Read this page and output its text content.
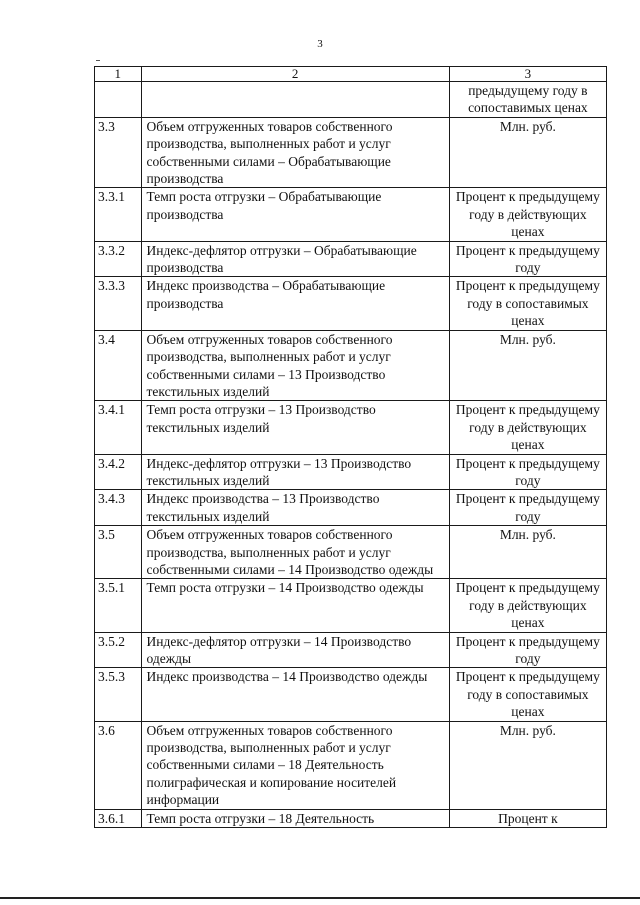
3
1	2	3
		предыдущему году в сопоставимых ценах
3.3	Объем отгруженных товаров собственного производства, выполненных работ и услуг собственными силами – Обрабатывающие производства	Млн. руб.
3.3.1	Темп роста отгрузки – Обрабатывающие производства	Процент к предыдущему году в действующих ценах
3.3.2	Индекс-дефлятор отгрузки – Обрабатывающие производства	Процент к предыдущему году
3.3.3	Индекс производства – Обрабатывающие производства	Процент к предыдущему году в сопоставимых ценах
3.4	Объем отгруженных товаров собственного производства, выполненных работ и услуг собственными силами – 13 Производство текстильных изделий	Млн. руб.
3.4.1	Темп роста отгрузки – 13 Производство текстильных изделий	Процент к предыдущему году в действующих ценах
3.4.2	Индекс-дефлятор отгрузки – 13 Производство текстильных изделий	Процент к предыдущему году
3.4.3	Индекс производства – 13 Производство текстильных изделий	Процент к предыдущему году
3.5	Объем отгруженных товаров собственного производства, выполненных работ и услуг собственными силами – 14 Производство одежды	Млн. руб.
3.5.1	Темп роста отгрузки – 14 Производство одежды	Процент к предыдущему году в действующих ценах
3.5.2	Индекс-дефлятор отгрузки – 14 Производство одежды	Процент к предыдущему году
3.5.3	Индекс производства – 14 Производство одежды	Процент к предыдущему году в сопоставимых ценах
3.6	Объем отгруженных товаров собственного производства, выполненных работ и услуг собственными силами – 18 Деятельность полиграфическая и копирование носителей информации	Млн. руб.
3.6.1	Темп роста отгрузки – 18 Деятельность	Процент к
